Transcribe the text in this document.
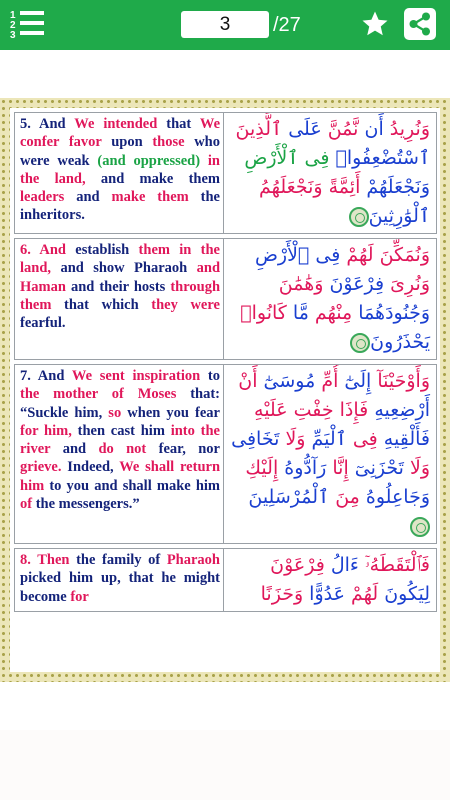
1
2
3
3 /27
5. And We intended that We confer favor upon those who were weak (and oppressed) in the land, and make them leaders and make them the inheritors.
وَنُرِيدُ أَن نَّمُنَّ عَلَى ٱلَّذِينَ ٱسْتُضْعِفُوا۟ فِى ٱلْأَرْضِ وَنَجْعَلَهُمْ أَئِمَّةً وَنَجْعَلَهُمُ ٱلْوَٰرِثِينَ
6. And establish them in the land, and show Pharaoh and Haman and their hosts through them that which they were fearful.
وَنُمَكِّنَ لَهُمْ فِى ٱلْأَرْضِ وَنُرِىَ فِرْعَوْنَ وَهَٰمَٰنَ وَجُنُودَهُمَا مِنْهُم مَّا كَانُوا۟ يَحْذَرُونَ
7. And We sent inspiration to the mother of Moses that: “Suckle him, so when you fear for him, then cast him into the river and do not fear, nor grieve. Indeed, We shall return him to you and shall make him of the messengers.”
وَأَوْحَيْنَآ إِلَىٰٓ أُمِّ مُوسَىٰٓ أَنْ أَرْضِعِيهِ فَإِذَا خِفْتِ عَلَيْهِ فَأَلْقِيهِ فِى ٱلْيَمِّ وَلَا تَخَافِى وَلَا تَحْزَنِىٓ إِنَّا رَآدُّوهُ إِلَيْكِ وَجَاعِلُوهُ مِنَ ٱلْمُرْسَلِينَ
8. Then the family of Pharaoh picked him up, that he might become for
فَٱلْتَقَطَهُۥٓ ءَالُ فِرْعَوْنَ لِيَكُونَ لَهُمْ عَدُوًّا وَحَزَنًا
